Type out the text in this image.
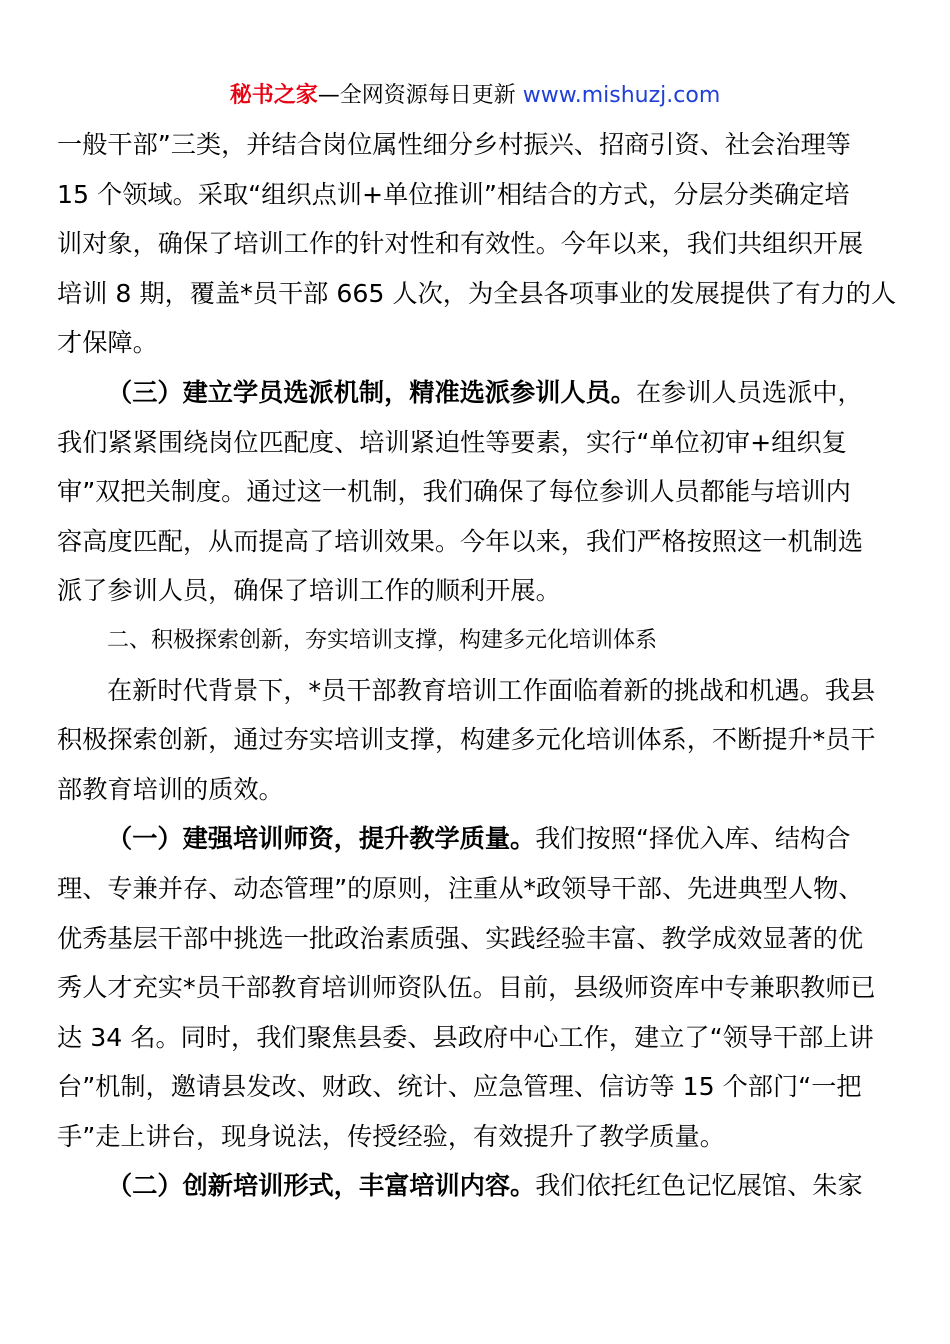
秘书之家—全网资源每日更新 www.mishuzj.com
一般干部”三类，并结合岗位属性细分乡村振兴、招商引资、社会治理等
15 个领域。采取“组织点训+单位推训”相结合的方式，分层分类确定培
训对象，确保了培训工作的针对性和有效性。今年以来，我们共组织开展
培训 8 期，覆盖*员干部 665 人次，为全县各项事业的发展提供了有力的人
才保障。
（三）建立学员选派机制，精准选派参训人员。在参训人员选派中，
我们紧紧围绕岗位匹配度、培训紧迫性等要素，实行“单位初审+组织复
审”双把关制度。通过这一机制，我们确保了每位参训人员都能与培训内
容高度匹配，从而提高了培训效果。今年以来，我们严格按照这一机制选
派了参训人员，确保了培训工作的顺利开展。
二、积极探索创新，夯实培训支撑，构建多元化培训体系
在新时代背景下，*员干部教育培训工作面临着新的挑战和机遇。我县
积极探索创新，通过夯实培训支撑，构建多元化培训体系，不断提升*员干
部教育培训的质效。
（一）建强培训师资，提升教学质量。我们按照“择优入库、结构合
理、专兼并存、动态管理”的原则，注重从*政领导干部、先进典型人物、
优秀基层干部中挑选一批政治素质强、实践经验丰富、教学成效显著的优
秀人才充实*员干部教育培训师资队伍。目前，县级师资库中专兼职教师已
达 34 名。同时，我们聚焦县委、县政府中心工作，建立了“领导干部上讲
台”机制，邀请县发改、财政、统计、应急管理、信访等 15 个部门“一把
手”走上讲台，现身说法，传授经验，有效提升了教学质量。
（二）创新培训形式，丰富培训内容。我们依托红色记忆展馆、朱家
